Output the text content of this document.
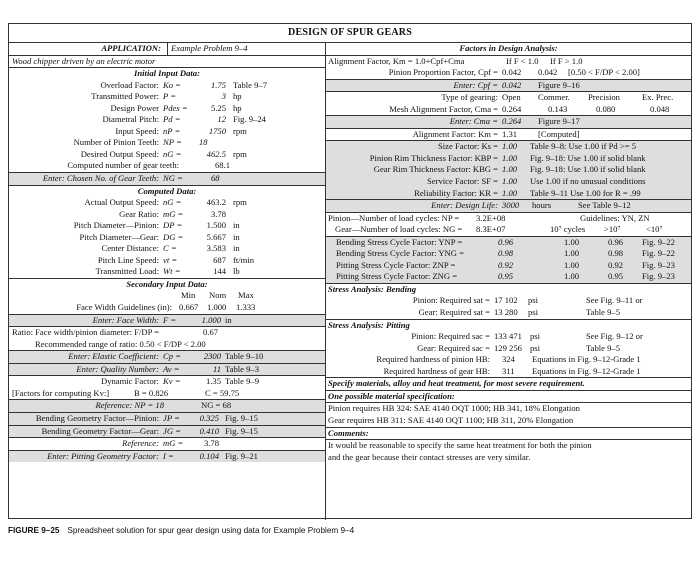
DESIGN OF SPUR GEARS
APPLICATION:	Example Problem 9–4
Wood chipper driven by an electric motor
Initial Input Data:
Overload Factor: Ko =	1.75 Table 9–7
Transmitted Power: P =	3 hp
Design Power Pdes =	5.25 hp
Diametral Pitch: Pd =	12 Fig. 9–24
Input Speed: nP =	1750 rpm
Number of Pinion Teeth: NP = 18
Desired Output Speed: nG =	462.5 rpm
Computed number of gear teeth:	68.1
Enter: Chosen No. of Gear Teeth: NG =	68
Computed Data:
Actual Output Speed: nG =	463.2 rpm
Gear Ratio: mG =	3.78
Pitch Diameter—Pinion: DP =	1.500 in
Pitch Diameter—Gear: DG =	5.667 in
Center Distance: C =	3.583 in
Pitch Line Speed: vt =	687 ft/min
Transmitted Load: Wt =	144 lb
Secondary Input Data:
Min Nom Max
Face Width Guidelines (in): 0.667 1.000 1.333
Enter: Face Width: F =	1.000 in
Ratio: Face width/pinion diameter: F/DP =	0.67
Recommended range of ratio: 0.50 < F/DP < 2.00
Enter: Elastic Coefficient: Cp =	2300 Table 9–10
Enter: Quality Number: Av =	11 Table 9–3
Dynamic Factor: Kv =	1.35 Table 9–9
[Factors for computing Kv:]	B = 0.826	C = 59.75
Reference: NP = 18	NG = 68
Bending Geometry Factor—Pinion: JP =	0.325 Fig. 9–15
Bending Geometry Factor—Gear: JG =	0.410 Fig. 9–15
Reference: mG =	3.78
Enter: Pitting Geometry Factor: I =	0.104 Fig. 9–21
Factors in Design Analysis:
Alignment Factor, Km = 1.0+Cpf+Cma	If F < 1.0 If F > 1.0
Pinion Proportion Factor, Cpf = 0.042 0.042 [0.50 < F/DP < 2.00]
Enter: Cpf = 0.042 Figure 9–16
Type of gearing: Open Commer. Precision	Ex. Prec.
Mesh Alignment Factor, Cma = 0.264	0.143	0.080	0.048
Enter: Cma = 0.264 Figure 9–17
Alignment Factor: Km = 1.31 [Computed]
Size Factor: Ks = 1.00 Table 9–8: Use 1.00 if Pd >= 5
Pinion Rim Thickness Factor: KBP = 1.00 Fig. 9–18: Use 1.00 if solid blank
Gear Rim Thickness Factor: KBG = 1.00 Fig. 9–18: Use 1.00 if solid blank
Service Factor: SF = 1.00 Use 1.00 if no unusual conditions
Reliability Factor: KR = 1.00 Table 9–11 Use 1.00 for R = .99
Enter: Design Life: 3000 hours	See Table 9–12
Pinion—Number of load cycles: NP = 3.2E+08	Guidelines: YN, ZN
Gear—Number of load cycles: NG = 8.3E+07	10⁷ cycles >10⁷	<10⁷
Bending Stress Cycle Factor: YNP =	0.96	1.00	0.96 Fig. 9–22
Bending Stress Cycle Factor: YNG =	0.98	1.00	0.98 Fig. 9–22
Pitting Stress Cycle Factor: ZNP =	0.92	1.00	0.92 Fig. 9–23
Pitting Stress Cycle Factor: ZNG =	0.95	1.00	0.95 Fig. 9–23
Stress Analysis: Bending
Pinion: Required sat = 17 102 psi	See Fig. 9–11 or
Gear: Required sat = 13 280 psi	Table 9–5
Stress Analysis: Pitting
Pinion: Required sac = 133 471 psi	See Fig. 9–12 or
Gear: Required sac = 129 256 psi	Table 9–5
Required hardness of pinion HB: 324 Equations in Fig. 9–12-Grade 1
Required hardness of gear HB: 311 Equations in Fig. 9–12-Grade 1
Specify materials, alloy and heat treatment, for most severe requirement.
One possible material specification:
Pinion requires HB 324: SAE 4140 OQT 1000; HB 341, 18% Elongation
Gear requires HB 311: SAE 4140 OQT 1100; HB 311, 20% Elongation
Comments:
It would be reasonable to specify the same heat treatment for both the pinion
and the gear because their contact stresses are very similar.
FIGURE 9–25 Spreadsheet solution for spur gear design using data for Example Problem 9–4
